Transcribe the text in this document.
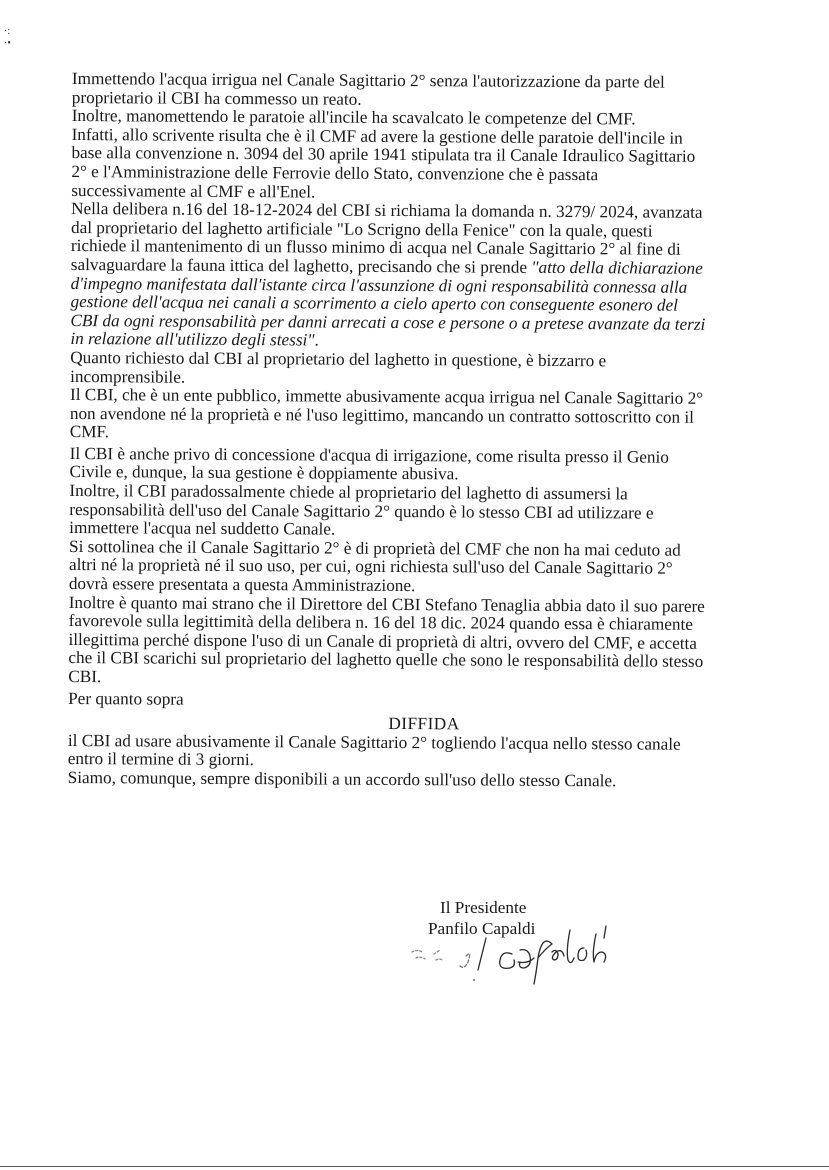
·:
·•
Immettendo l'acqua irrigua nel Canale Sagittario 2° senza l'autorizzazione da parte del
proprietario il CBI ha commesso un reato.
Inoltre, manomettendo le paratoie all'incile ha scavalcato le competenze del CMF.
Infatti, allo scrivente risulta che è il CMF ad avere la gestione delle paratoie dell'incile in
base alla convenzione n. 3094 del 30 aprile 1941 stipulata tra il Canale Idraulico Sagittario
2° e l'Amministrazione delle Ferrovie dello Stato, convenzione che è passata
successivamente al CMF e all'Enel.
Nella delibera n.16 del 18-12-2024 del CBI si richiama la domanda n. 3279/ 2024, avanzata
dal proprietario del laghetto artificiale "Lo Scrigno della Fenice" con la quale, questi
richiede il mantenimento di un flusso minimo di acqua nel Canale Sagittario 2° al fine di
salvaguardare la fauna ittica del laghetto, precisando che si prende "atto della dichiarazione
d'impegno manifestata dall'istante circa l'assunzione di ogni responsabilità connessa alla
gestione dell'acqua nei canali a scorrimento a cielo aperto con conseguente esonero del
CBI da ogni responsabilità per danni arrecati a cose e persone o a pretese avanzate da terzi
in relazione all'utilizzo degli stessi".
Quanto richiesto dal CBI al proprietario del laghetto in questione, è bizzarro e
incomprensibile.
Il CBI, che è un ente pubblico, immette abusivamente acqua irrigua nel Canale Sagittario 2°
non avendone né la proprietà e né l'uso legittimo, mancando un contratto sottoscritto con il
CMF.
Il CBI è anche privo di concessione d'acqua di irrigazione, come risulta presso il Genio
Civile e, dunque, la sua gestione è doppiamente abusiva.
Inoltre, il CBI paradossalmente chiede al proprietario del laghetto di assumersi la
responsabilità dell'uso del Canale Sagittario 2° quando è lo stesso CBI ad utilizzare e
immettere l'acqua nel suddetto Canale.
Si sottolinea che il Canale Sagittario 2° è di proprietà del CMF che non ha mai ceduto ad
altri né la proprietà né il suo uso, per cui, ogni richiesta sull'uso del Canale Sagittario 2°
dovrà essere presentata a questa Amministrazione.
Inoltre è quanto mai strano che il Direttore del CBI Stefano Tenaglia abbia dato il suo parere
favorevole sulla legittimità della delibera n. 16 del 18 dic. 2024 quando essa è chiaramente
illegittima perché dispone l'uso di un Canale di proprietà di altri, ovvero del CMF, e accetta
che il CBI scarichi sul proprietario del laghetto quelle che sono le responsabilità dello stesso
CBI.
Per quanto sopra
DIFFIDA
il CBI ad usare abusivamente il Canale Sagittario 2° togliendo l'acqua nello stesso canale
entro il termine di 3 giorni.
Siamo, comunque, sempre disponibili a un accordo sull'uso dello stesso Canale.
Il Presidente
Panfilo Capaldi
